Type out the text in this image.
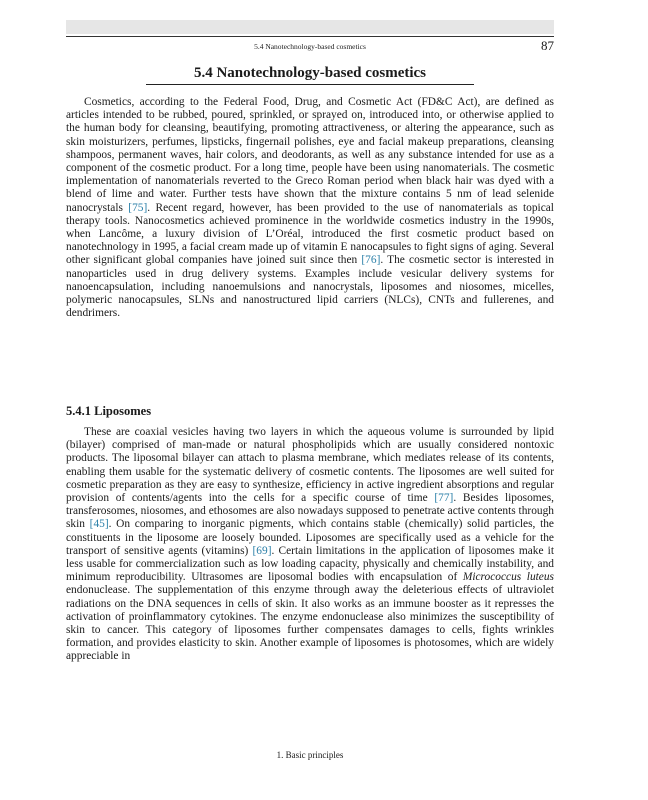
5.4 Nanotechnology-based cosmetics	87
5.4 Nanotechnology-based cosmetics

Cosmetics, according to the Federal Food, Drug, and Cosmetic Act (FD&C Act), are defined as articles intended to be rubbed, poured, sprinkled, or sprayed on, introduced into, or otherwise applied to the human body for cleansing, beautifying, promoting attractiveness, or altering the appearance, such as skin moisturizers, perfumes, lipsticks, fingernail polishes, eye and facial makeup preparations, cleansing shampoos, permanent waves, hair colors, and deodorants, as well as any substance intended for use as a component of the cosmetic product. For a long time, people have been using nanomaterials. The cosmetic implementation of nanomaterials reverted to the Greco Roman period when black hair was dyed with a blend of lime and water. Further tests have shown that the mixture contains 5 nm of lead selenide nanocrystals [75]. Recent regard, however, has been provided to the use of nanomaterials as topical therapy tools. Nanocosmetics achieved prominence in the worldwide cosmetics industry in the 1990s, when Lancôme, a luxury division of L’Oréal, introduced the first cosmetic product based on nanotechnology in 1995, a facial cream made up of vitamin E nanocapsules to fight signs of aging. Several other significant global companies have joined suit since then [76]. The cosmetic sector is interested in nanoparticles used in drug delivery systems. Examples include vesicular delivery systems for nanoencapsulation, including nanoemulsions and nanocrystals, liposomes and niosomes, micelles, polymeric nanocapsules, SLNs and nanostructured lipid carriers (NLCs), CNTs and fullerenes, and dendrimers.

5.4.1 Liposomes

These are coaxial vesicles having two layers in which the aqueous volume is surrounded by lipid (bilayer) comprised of man-made or natural phospholipids which are usually considered nontoxic products. The liposomal bilayer can attach to plasma membrane, which mediates release of its contents, enabling them usable for the systematic delivery of cosmetic contents. The liposomes are well suited for cosmetic preparation as they are easy to synthesize, efficiency in active ingredient absorptions and regular provision of contents/agents into the cells for a specific course of time [77]. Besides liposomes, transferosomes, niosomes, and ethosomes are also nowadays supposed to penetrate active contents through skin [45]. On comparing to inorganic pigments, which contains stable (chemically) solid particles, the constituents in the liposome are loosely bounded. Liposomes are specifically used as a vehicle for the transport of sensitive agents (vitamins) [69]. Certain limitations in the application of liposomes make it less usable for commercialization such as low loading capacity, physically and chemically instability, and minimum reproducibility. Ultrasomes are liposomal bodies with encapsulation of Micrococcus luteus endonuclease. The supplementation of this enzyme through away the deleterious effects of ultraviolet radiations on the DNA sequences in cells of skin. It also works as an immune booster as it represses the activation of proinflammatory cytokines. The enzyme endonuclease also minimizes the susceptibility of skin to cancer. This category of liposomes further compensates damages to cells, fights wrinkles formation, and provides elasticity to skin. Another example of liposomes is photosomes, which are widely appreciable in

1. Basic principles
